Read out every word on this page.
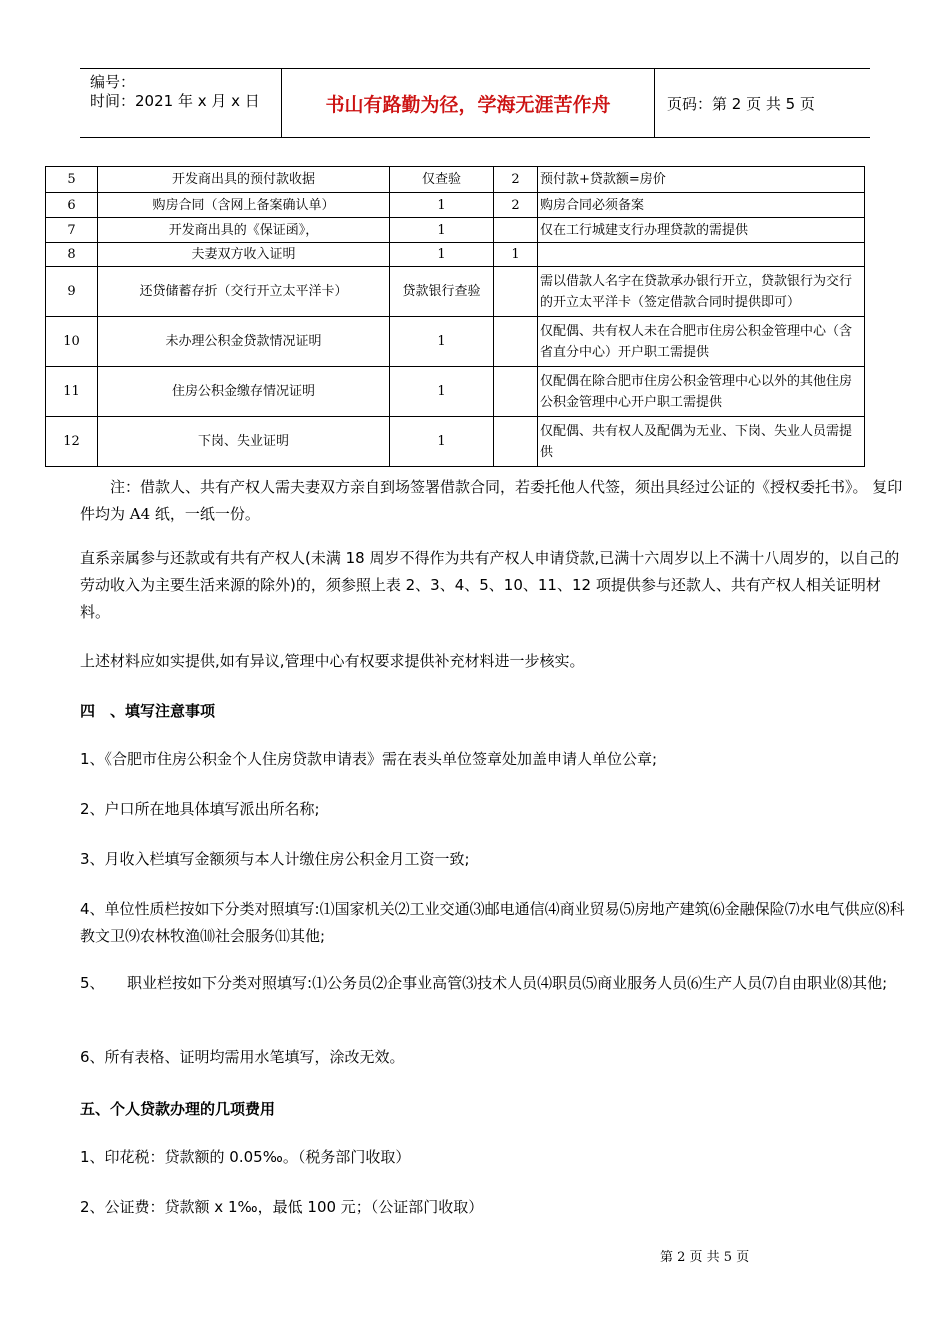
编号：
时间：2021 年 x 月 x 日	书山有路勤为径，学海无涯苦作舟	页码：第 2 页 共 5 页
5	开发商出具的预付款收据	仅查验	2	预付款+贷款额=房价
6	购房合同（含网上备案确认单）	1	2	购房合同必须备案
7	开发商出具的《保证函》，	1		仅在工行城建支行办理贷款的需提供
8	夫妻双方收入证明	1	1	
9	还贷储蓄存折（交行开立太平洋卡）	贷款银行查验		需以借款人名字在贷款承办银行开立，贷款银行为交行的开立太平洋卡（签定借款合同时提供即可）
10	未办理公积金贷款情况证明	1		仅配偶、共有权人未在合肥市住房公积金管理中心（含省直分中心）开户职工需提供
11	住房公积金缴存情况证明	1		仅配偶在除合肥市住房公积金管理中心以外的其他住房公积金管理中心开户职工需提供
12	下岗、失业证明	1		仅配偶、共有权人及配偶为无业、下岗、失业人员需提供
注：借款人、共有产权人需夫妻双方亲自到场签署借款合同，若委托他人代签，须出具经过公证的《授权委托书》。 复印件均为 A4 纸，一纸一份。
直系亲属参与还款或有共有产权人(未满 18 周岁不得作为共有产权人申请贷款,已满十六周岁以上不满十八周岁的，以自己的劳动收入为主要生活来源的除外)的，须参照上表 2、3、4、5、10、11、12 项提供参与还款人、共有产权人相关证明材料。
上述材料应如实提供,如有异议,管理中心有权要求提供补充材料进一步核实。
四　、填写注意事项
1、《合肥市住房公积金个人住房贷款申请表》需在表头单位签章处加盖申请人单位公章;
2、户口所在地具体填写派出所名称;
3、月收入栏填写金额须与本人计缴住房公积金月工资一致;
4、单位性质栏按如下分类对照填写:⑴国家机关⑵工业交通⑶邮电通信⑷商业贸易⑸房地产建筑⑹金融保险⑺水电气供应⑻科教文卫⑼农林牧渔⑽社会服务⑾其他;
5、　　职业栏按如下分类对照填写:⑴公务员⑵企事业高管⑶技术人员⑷职员⑸商业服务人员⑹生产人员⑺自由职业⑻其他;
6、所有表格、证明均需用水笔填写，涂改无效。
五、个人贷款办理的几项费用
1、印花税：贷款额的 0.05‰。（税务部门收取）
2、公证费：贷款额 x 1‰，最低 100 元；（公证部门收取）
第 2 页 共 5 页
